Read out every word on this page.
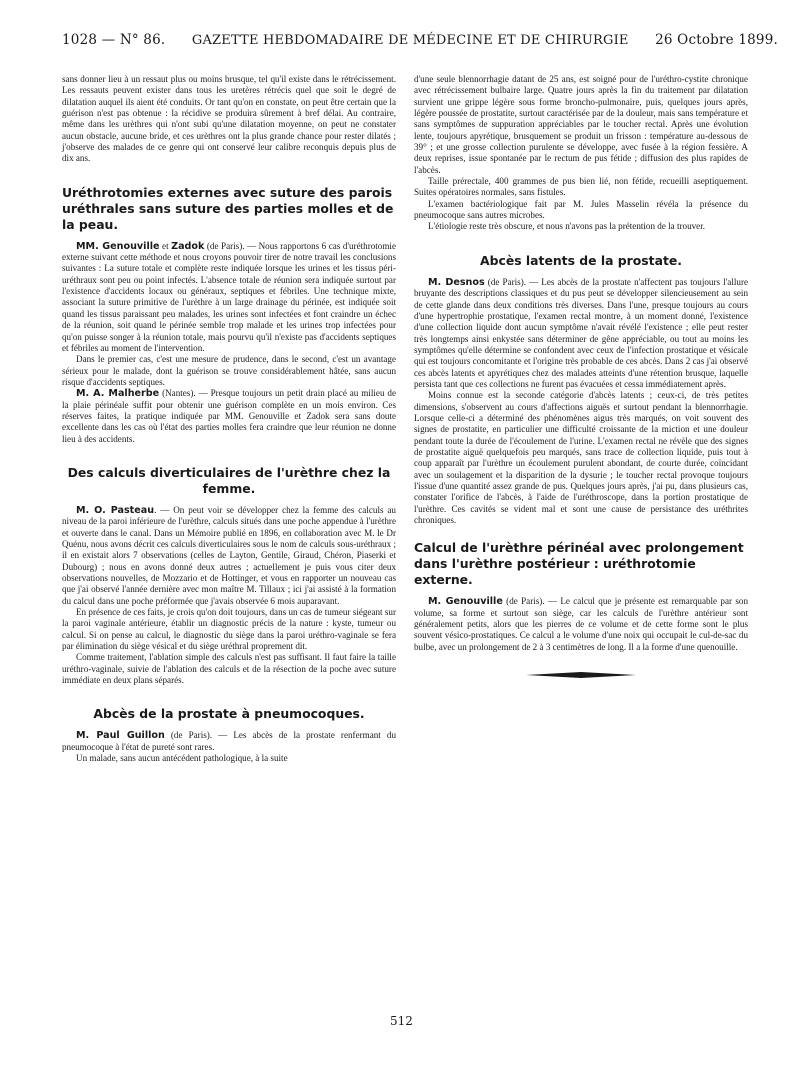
1028 — N° 86. GAZETTE HEBDOMADAIRE DE MÉDECINE ET DE CHIRURGIE 26 Octobre 1899.

sans donner lieu à un ressaut plus ou moins brusque, tel qu'il existe dans le rétrécissement. Les ressauts peuvent exister dans tous les uretères rétrécis quel que soit le degré de dilatation auquel ils aient été conduits. Or tant qu'on en constate, on peut être certain que la guérison n'est pas obtenue : la récidive se produira sûrement à bref délai. Au contraire, même dans les urèthres qui n'ont subi qu'une dilatation moyenne, on peut ne constater aucun obstacle, aucune bride, et ces urèthres ont la plus grande chance pour rester dilatés ; j'observe des malades de ce genre qui ont conservé leur calibre reconquis depuis plus de dix ans.

Uréthrotomies externes avec suture des parois uréthrales sans suture des parties molles et de la peau.

MM. Genouville et Zadok (de Paris). — Nous rapportons 6 cas d'uréthrotomie externe suivant cette méthode et nous croyons pouvoir tirer de notre travail les conclusions suivantes : La suture totale et complète reste indiquée lorsque les urines et les tissus péri-uréthraux sont peu ou point infectés. L'absence totale de réunion sera indiquée surtout par l'existence d'accidents locaux ou généraux, septiques et fébriles. Une technique mixte, associant la suture primitive de l'urèthre à un large drainage du périnée, est indiquée soit quand les tissus paraissant peu malades, les urines sont infectées et font craindre un échec de la réunion, soit quand le périnée semble trop malade et les urines trop infectées pour qu'on puisse songer à la réunion totale, mais pourvu qu'il n'existe pas d'accidents septiques et fébriles au moment de l'intervention.

Dans le premier cas, c'est une mesure de prudence, dans le second, c'est un avantage sérieux pour le malade, dont la guérison se trouve considérablement hâtée, sans aucun risque d'accidents septiques.

M. A. Malherbe (Nantes). — Presque toujours un petit drain placé au milieu de la plaie périnéale suffit pour obtenir une guérison complète en un mois environ. Ces réserves faites, la pratique indiquée par MM. Genouville et Zadok sera sans doute excellente dans les cas où l'état des parties molles fera craindre que leur réunion ne donne lieu à des accidents.

Des calculs diverticulaires de l'urèthre chez la femme.

M. O. Pasteau. — On peut voir se développer chez la femme des calculs au niveau de la paroi inférieure de l'urèthre, calculs situés dans une poche appendue à l'urèthre et ouverte dans le canal. Dans un Mémoire publié en 1896, en collaboration avec M. le Dr Quénu, nous avons décrit ces calculs diverticulaires sous le nom de calculs sous-uréthraux ; il en existait alors 7 observations (celles de Layton, Gentile, Giraud, Chéron, Piaserki et Dubourg) ; nous en avons donné deux autres ; actuellement je puis vous citer deux observations nouvelles, de Mozzario et de Hottinger, et vous en rapporter un nouveau cas que j'ai observé l'année dernière avec mon maître M. Tillaux ; ici j'ai assisté à la formation du calcul dans une poche préformée que j'avais observée 6 mois auparavant.

En présence de ces faits, je crois qu'on doit toujours, dans un cas de tumeur siégeant sur la paroi vaginale antérieure, établir un diagnostic précis de la nature : kyste, tumeur ou calcul. Si on pense au calcul, le diagnostic du siège dans la paroi uréthro-vaginale se fera par élimination du siège vésical et du siège uréthral proprement dit.

Comme traitement, l'ablation simple des calculs n'est pas suffisant. Il faut faire la taille uréthro-vaginale, suivie de l'ablation des calculs et de la résection de la poche avec suture immédiate en deux plans séparés.

Abcès de la prostate à pneumocoques.

M. Paul Guillon (de Paris). — Les abcès de la prostate renfermant du pneumocoque à l'état de pureté sont rares.

Un malade, sans aucun antécédent pathologique, à la suite

d'une seule blennorrhagie datant de 25 ans, est soigné pour de l'uréthro-cystite chronique avec rétrécissement bulbaire large. Quatre jours après la fin du traitement par dilatation survient une grippe légère sous forme broncho-pulmonaire, puis, quelques jours après, légère poussée de prostatite, surtout caractérisée par de la douleur, mais sans température et sans symptômes de suppuration appréciables par le toucher rectal. Après une évolution lente, toujours apyrétique, brusquement se produit un frisson : température au-dessous de 39° ; et une grosse collection purulente se développe, avec fusée à la région fessière. A deux reprises, issue spontanée par le rectum de pus fétide ; diffusion des plus rapides de l'abcès.

Taille prérectale, 400 grammes de pus bien lié, non fétide, recueilli aseptiquement. Suites opératoires normales, sans fistules.

L'examen bactériologique fait par M. Jules Masselin révéla la présence du pneumocoque sans autres microbes.

L'étiologie reste très obscure, et nous n'avons pas la prétention de la trouver.

Abcès latents de la prostate.

M. Desnos (de Paris). — Les abcès de la prostate n'affectent pas toujours l'allure bruyante des descriptions classiques et du pus peut se développer silencieusement au sein de cette glande dans deux conditions très diverses. Dans l'une, presque toujours au cours d'une hypertrophie prostatique, l'examen rectal montre, à un moment donné, l'existence d'une collection liquide dont aucun symptôme n'avait révélé l'existence ; elle peut rester très longtemps ainsi enkystée sans déterminer de gêne appréciable, ou tout au moins les symptômes qu'elle détermine se confondent avec ceux de l'infection prostatique et vésicale qui est toujours concomitante et l'origine très probable de ces abcès. Dans 2 cas j'ai observé ces abcès latents et apyrétiques chez des malades atteints d'une rétention brusque, laquelle persista tant que ces collections ne furent pas évacuées et cessa immédiatement après.

Moins connue est la seconde catégorie d'abcès latents ; ceux-ci, de très petites dimensions, s'observent au cours d'affections aiguës et surtout pendant la blennorrhagie. Lorsque celle-ci a déterminé des phénomènes aigus très marqués, on voit souvent des signes de prostatite, en particulier une difficulté croissante de la miction et une douleur pendant toute la durée de l'écoulement de l'urine. L'examen rectal ne révèle que des signes de prostatite aiguë quelquefois peu marqués, sans trace de collection liquide, puis tout à coup apparaît par l'urèthre un écoulement purulent abondant, de courte durée, coïncidant avec un soulagement et la disparition de la dysurie ; le toucher rectal provoque toujours l'issue d'une quantité assez grande de pus. Quelques jours après, j'ai pu, dans plusieurs cas, constater l'orifice de l'abcès, à l'aide de l'uréthroscope, dans la portion prostatique de l'urèthre. Ces cavités se vident mal et sont une cause de persistance des uréthrites chroniques.

Calcul de l'urèthre périnéal avec prolongement dans l'urèthre postérieur : uréthrotomie externe.

M. Genouville (de Paris). — Le calcul que je présente est remarquable par son volume, sa forme et surtout son siège, car les calculs de l'urèthre antérieur sont généralement petits, alors que les pierres de ce volume et de cette forme sont le plus souvent vésico-prostatiques. Ce calcul a le volume d'une noix qui occupait le cul-de-sac du bulbe, avec un prolongement de 2 à 3 centimètres de long. Il a la forme d'une quenouille.

512
